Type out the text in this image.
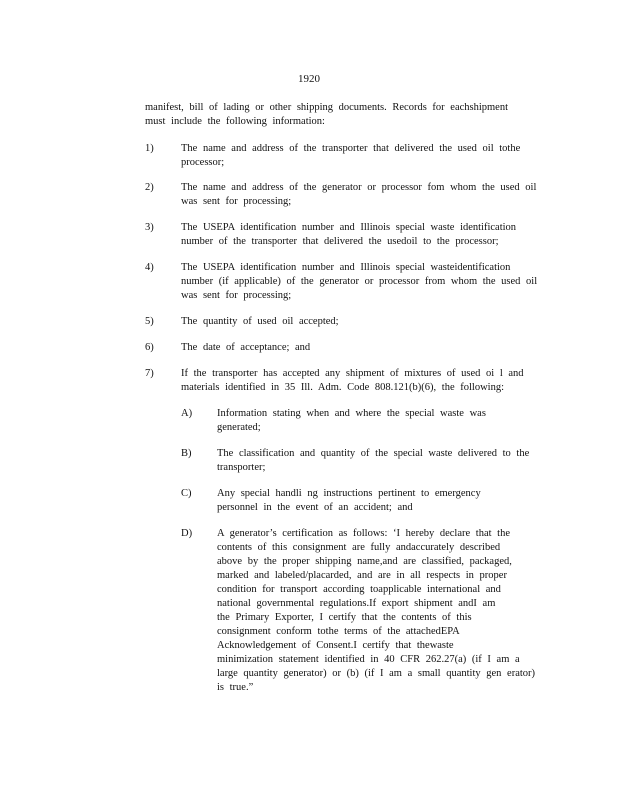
1920
manifest, bill of lading or other shipping documents. Records for eachshipment
must include the following information:
1)	The name and address of the transporter that delivered the used oil tothe
processor;
2)	The name and address of the generator or processor fom whom the used oil
was sent for processing;
3)	The USEPA identification number and Illinois special waste identification
number of the transporter that delivered the usedoil to the processor;
4)	The USEPA identification number and Illinois special wasteidentification
number (if applicable) of the generator or processor from whom the used oil
was sent for processing;
5)	The quantity of used oil accepted;
6)	The date of acceptance; and
7)	If the transporter has accepted any shipment of mixtures of used oi l and
materials identified in 35 Ill. Adm. Code 808.121(b)(6), the following:
A)	Information stating when and where the special waste was
generated;
B)	The classification and quantity of the special waste delivered to the
transporter;
C)	Any special handli ng instructions pertinent to emergency
personnel in the event of an accident; and
D)	A generator’s certification as follows: ‘I hereby declare that the
contents of this consignment are fully andaccurately described
above by the proper shipping name,and are classified, packaged,
marked and labeled/placarded, and are in all respects in proper
condition for transport according toapplicable international and
national governmental regulations.If export shipment andI am
the Primary Exporter, I certify that the contents of this
consignment conform tothe terms of the attachedEPA
Acknowledgement of Consent.I certify that thewaste
minimization statement identified in 40 CFR 262.27(a) (if I am a
large quantity generator) or (b) (if I am a small quantity gen erator)
is true.”
